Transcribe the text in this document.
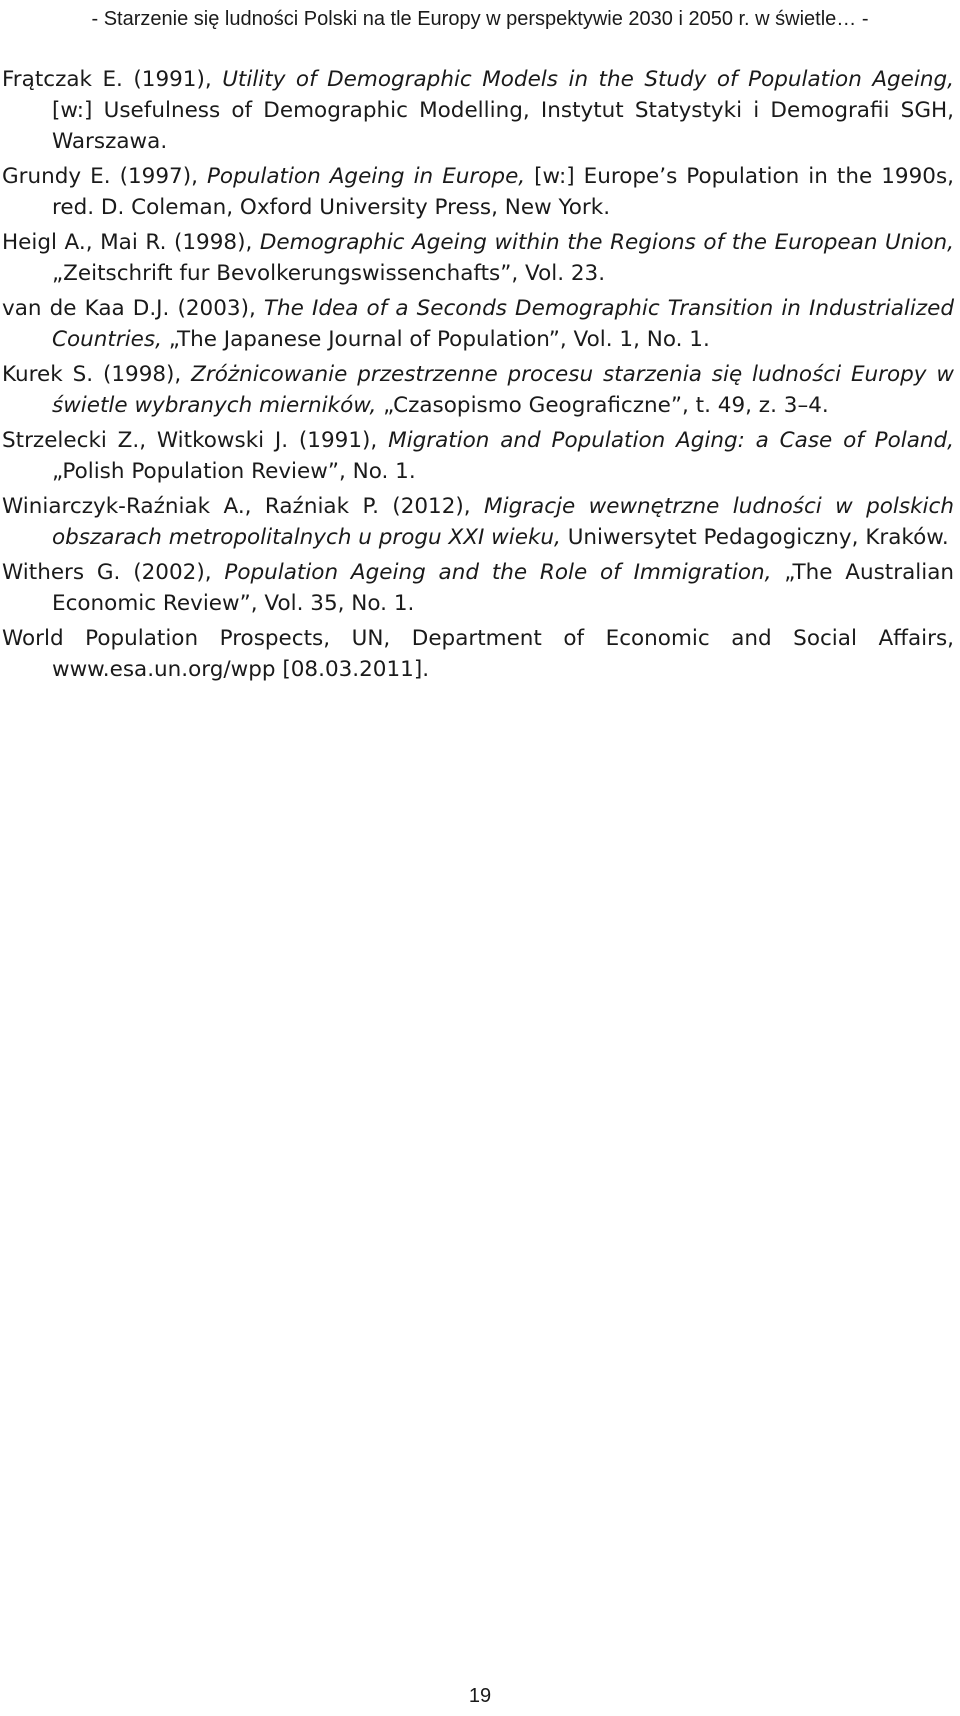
- Starzenie się ludności Polski na tle Europy w perspektywie 2030 i 2050 r. w świetle… -

Frątczak E. (1991), Utility of Demographic Models in the Study of Population Ageing, [w:] Usefulness of Demographic Modelling, Instytut Statystyki i Demografii SGH, Warszawa.

Grundy E. (1997), Population Ageing in Europe, [w:] Europe’s Population in the 1990s, red. D. Coleman, Oxford University Press, New York.

Heigl A., Mai R. (1998), Demographic Ageing within the Regions of the European Union, „Zeitschrift fur Bevolkerungswissenchafts”, Vol. 23.

van de Kaa D.J. (2003), The Idea of a Seconds Demographic Transition in Industrialized Countries, „The Japanese Journal of Population”, Vol. 1, No. 1.

Kurek S. (1998), Zróżnicowanie przestrzenne procesu starzenia się ludności Europy w świetle wybranych mierników, „Czasopismo Geograficzne”, t. 49, z. 3–4.

Strzelecki Z., Witkowski J. (1991), Migration and Population Aging: a Case of Poland, „Polish Population Review”, No. 1.

Winiarczyk-Raźniak A., Raźniak P. (2012), Migracje wewnętrzne ludności w polskich obszarach metropolitalnych u progu XXI wieku, Uniwersytet Pedagogiczny, Kraków.

Withers G. (2002), Population Ageing and the Role of Immigration, „The Australian Economic Review”, Vol. 35, No. 1.

World Population Prospects, UN, Department of Economic and Social Affairs, www.esa.un.org/wpp [08.03.2011].

19
